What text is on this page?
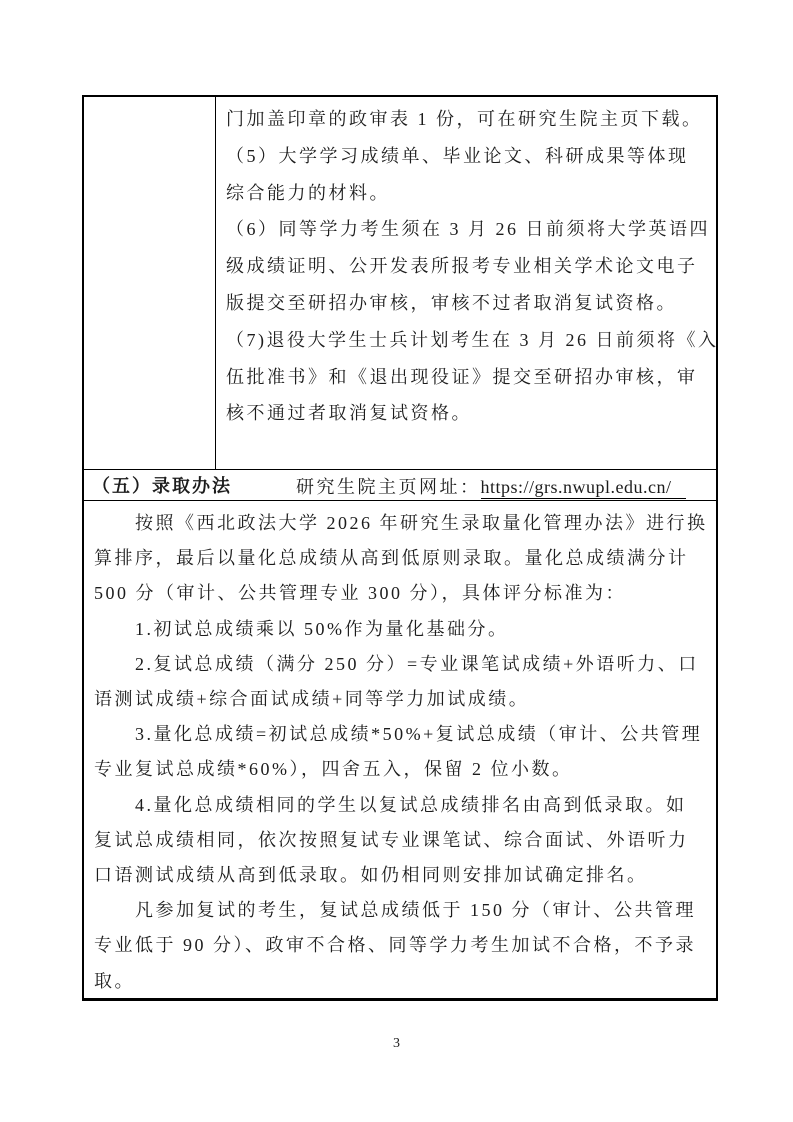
门加盖印章的政审表 1 份，可在研究生院主页下载。
（5）大学学习成绩单、毕业论文、科研成果等体现
综合能力的材料。
（6）同等学力考生须在 3 月 26 日前须将大学英语四
级成绩证明、公开发表所报考专业相关学术论文电子
版提交至研招办审核，审核不过者取消复试资格。
（7)退役大学生士兵计划考生在 3 月 26 日前须将《入
伍批准书》和《退出现役证》提交至研招办审核，审
核不通过者取消复试资格。

研究生院主页网址：https://grs.nwupl.edu.cn/

（五）录取办法
　　按照《西北政法大学 2026 年研究生录取量化管理办法》进行换
算排序，最后以量化总成绩从高到低原则录取。量化总成绩满分计
500 分（审计、公共管理专业 300 分），具体评分标准为：
　　1.初试总成绩乘以 50%作为量化基础分。
　　2.复试总成绩（满分 250 分）=专业课笔试成绩+外语听力、口
语测试成绩+综合面试成绩+同等学力加试成绩。
　　3.量化总成绩=初试总成绩*50%+复试总成绩（审计、公共管理
专业复试总成绩*60%），四舍五入，保留 2 位小数。
　　4.量化总成绩相同的学生以复试总成绩排名由高到低录取。如
复试总成绩相同，依次按照复试专业课笔试、综合面试、外语听力
口语测试成绩从高到低录取。如仍相同则安排加试确定排名。
　　凡参加复试的考生，复试总成绩低于 150 分（审计、公共管理
专业低于 90 分）、政审不合格、同等学力考生加试不合格，不予录
取。
3
